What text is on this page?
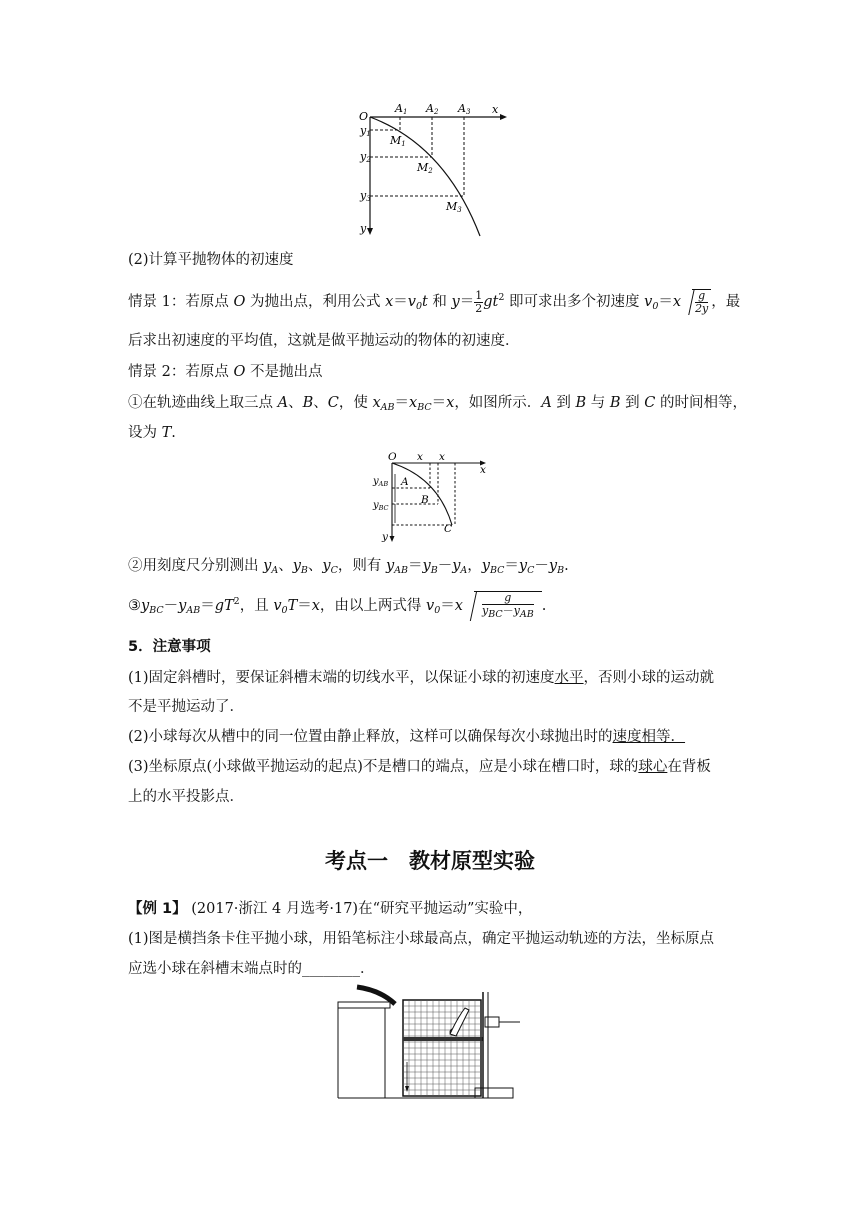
O
x
y
A1 A2 A3
y1
y2
y3
M1
M2
M3
(2)计算平抛物体的初速度
情景 1：若原点 O 为抛出点，利用公式 $x=v_0t$ 和 $y= \frac{1}{2} gt^2$ 即可求出多个初速度 $v_0=x \frac{g}{2y}$ ，最
后求出初速度的平均值，这就是做平抛运动的物体的初速度．
情景 2：若原点 O 不是抛出点
①在轨迹曲线上取三点 A、B、C，使 $x_{AB}=x_{BC}=x$，如图所示．A 到 B 与 B 到 C 的时间相等，
设为 T.
O x x
x
y
A
B
C
$y_{AB}$
$y_{BC}$
②用刻度尺分别测出 $y_A$、$y_B$、$y_C$，则有 $y_{AB}=y_B-y_A$，$y_{BC}=y_C-y_B$.
$③y_{BC}-y_{AB}=gT^2$，且 $v_0T=x$，由以上两式得 $v_0=x \frac{g}{\text{yBC－yAB}}$ .
5．注意事项
(1)固定斜槽时，要保证斜槽末端的切线水平，以保证小球的初速度水平，否则小球的运动就
不是平抛运动了．
(2)小球每次从槽中的同一位置由静止释放，这样可以确保每次小球抛出时的速度相等．
(3)坐标原点(小球做平抛运动的起点)不是槽口的端点，应是小球在槽口时，球的球心在背板
上的水平投影点．
考点一　教材原型实验
【例 1】 (2017·浙江 4 月选考·17)在“研究平抛运动”实验中，
(1)图是横挡条卡住平抛小球，用铅笔标注小球最高点，确定平抛运动轨迹的方法，坐标原点
应选小球在斜槽末端点时的________．
